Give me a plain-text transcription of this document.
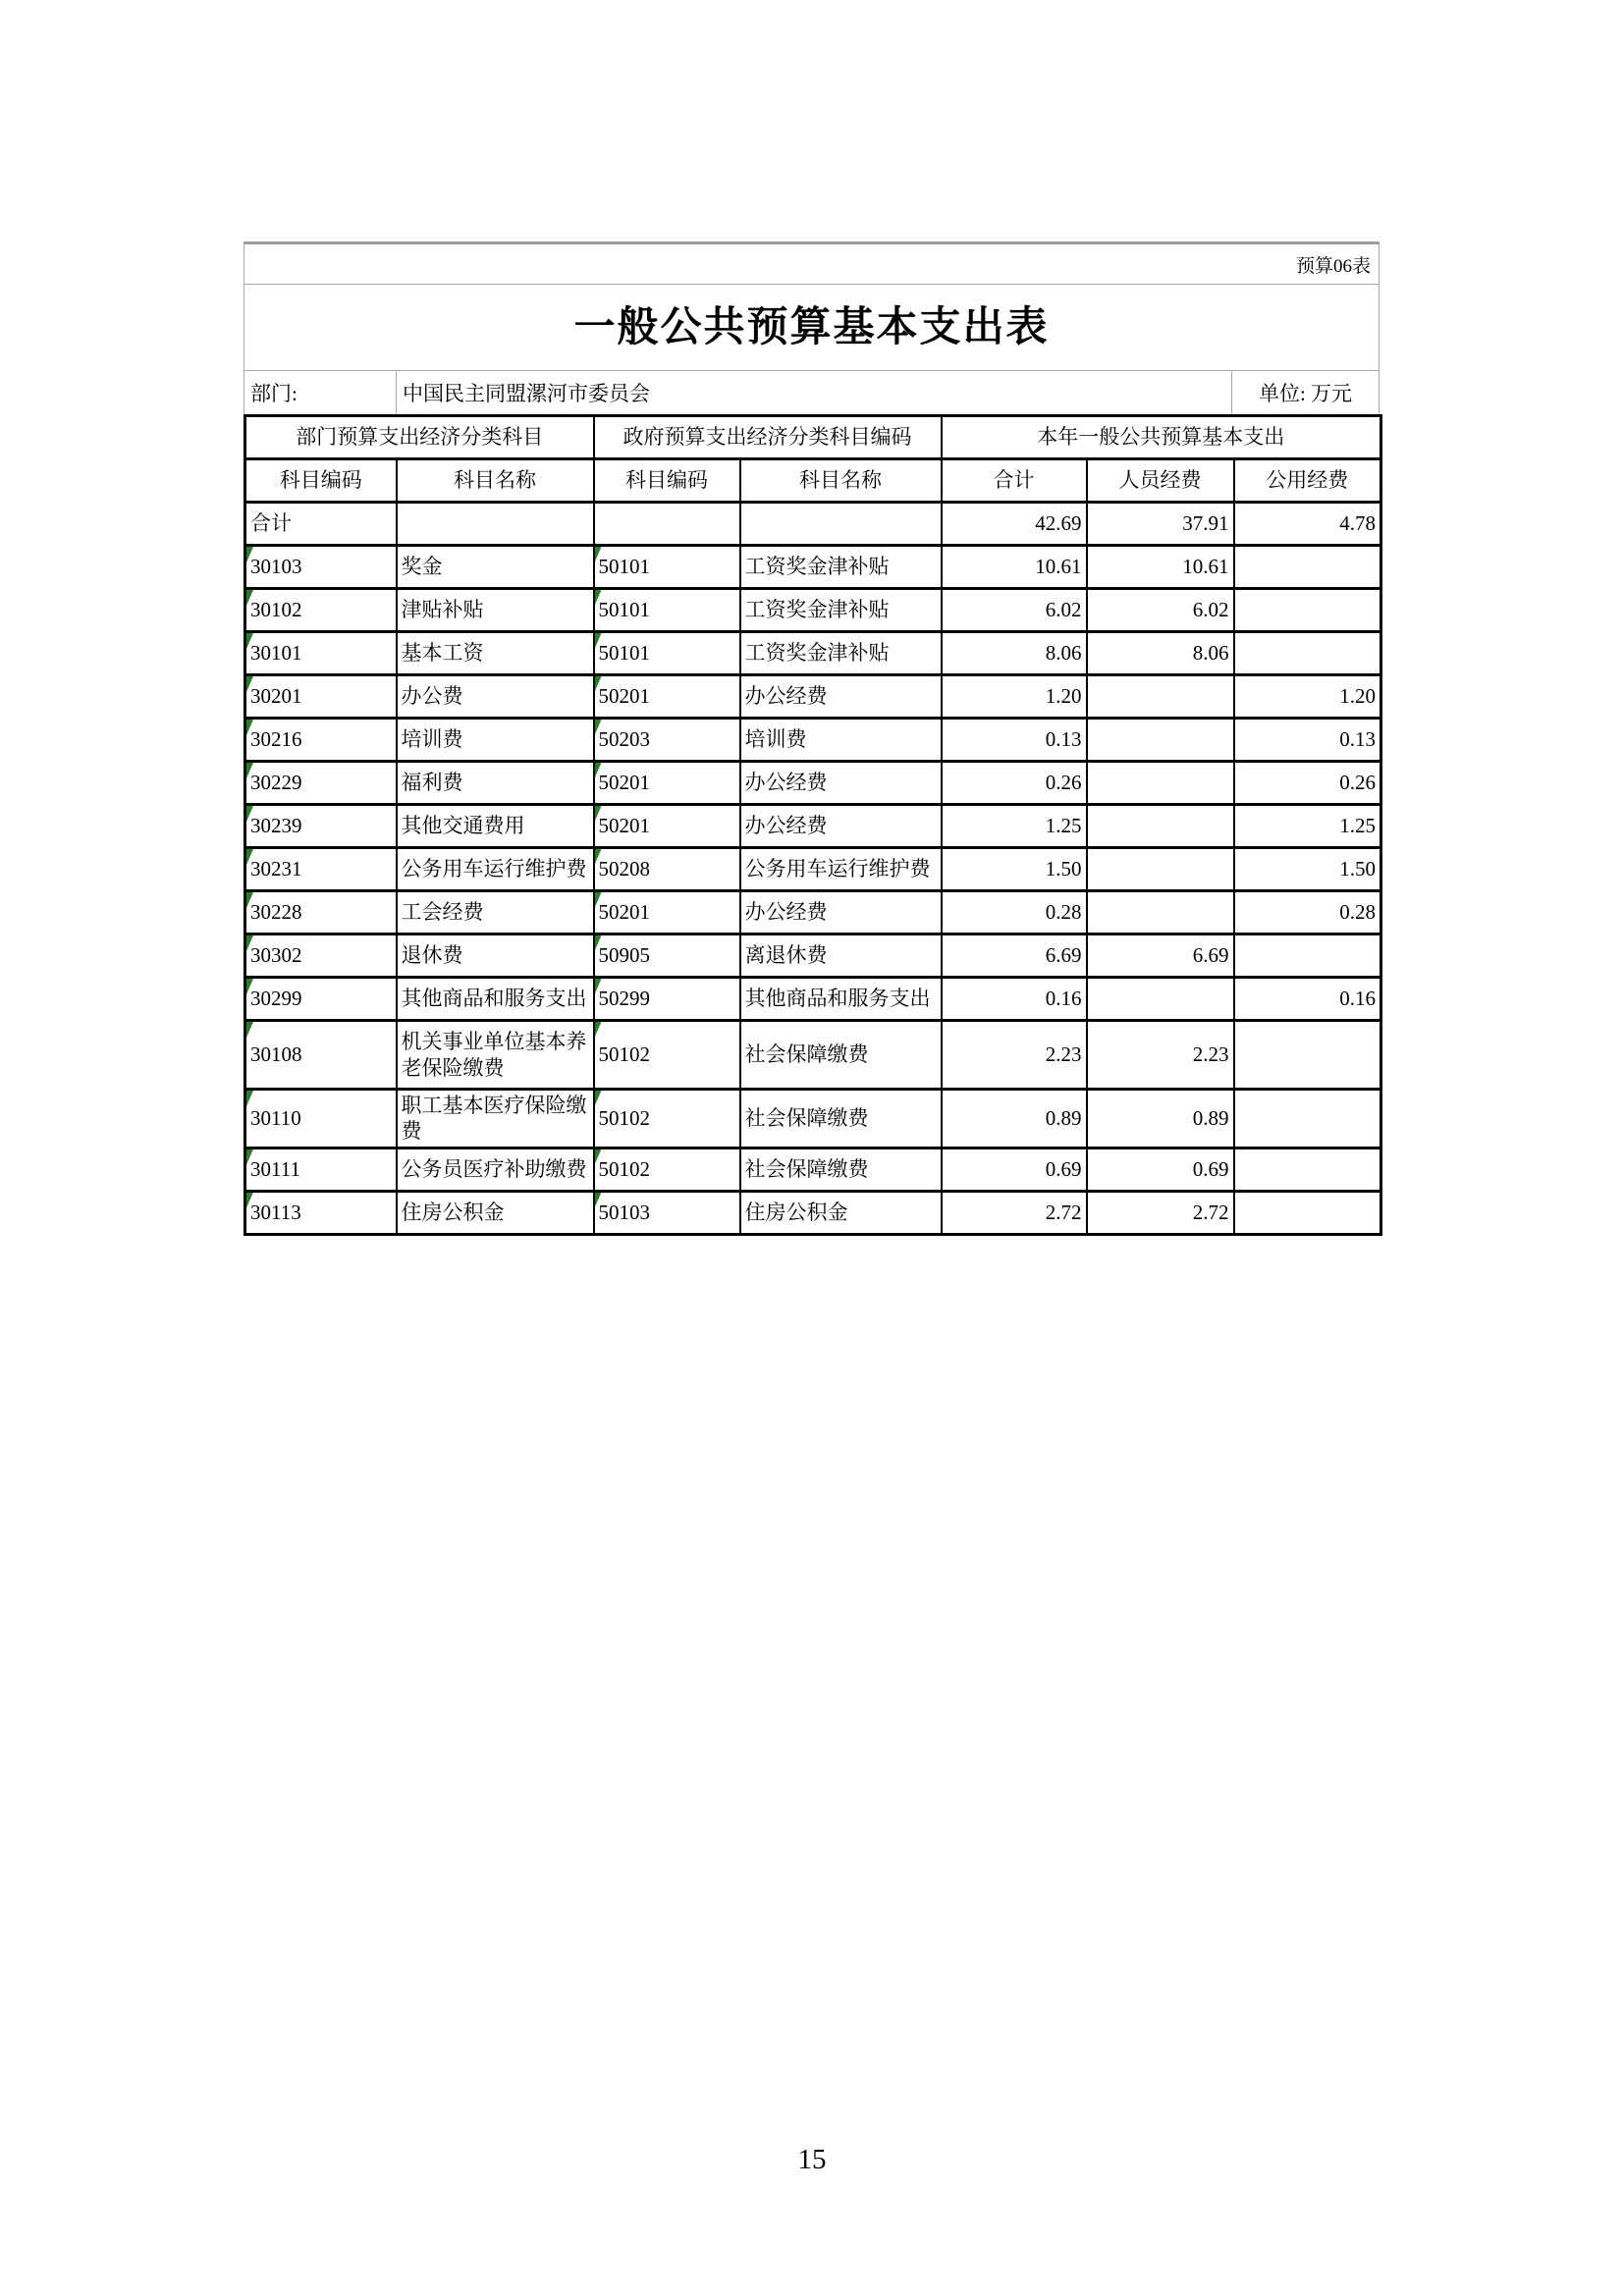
预算06表
一般公共预算基本支出表
部门:	中国民主同盟漯河市委员会	单位: 万元
部门预算支出经济分类科目		政府预算支出经济分类科目编码		本年一般公共预算基本支出		
科目编码	科目名称	科目编码	科目名称	合计	人员经费	公用经费
合计				42.69	37.91	4.78

30103	奖金	50101	工资奖金津补贴	10.61	10.61	

30102	津贴补贴	50101	工资奖金津补贴	6.02	6.02	

30101	基本工资	50101	工资奖金津补贴	8.06	8.06	

30201	办公费	50201	办公经费	1.20		1.20

30216	培训费	50203	培训费	0.13		0.13

30229	福利费	50201	办公经费	0.26		0.26

30239	其他交通费用	50201	办公经费	1.25		1.25

30231	公务用车运行维护费	50208	公务用车运行维护费	1.50		1.50

30228	工会经费	50201	办公经费	0.28		0.28

30302	退休费	50905	离退休费	6.69	6.69	

30299	其他商品和服务支出	50299	其他商品和服务支出	0.16		0.16

30108	机关事业单位基本养老保险缴费	50102	社会保障缴费	2.23	2.23	

30110	职工基本医疗保险缴费	50102	社会保障缴费	0.89	0.89	

30111	公务员医疗补助缴费	50102	社会保障缴费	0.69	0.69	

30113	住房公积金	50103	住房公积金	2.72	2.72	
15
